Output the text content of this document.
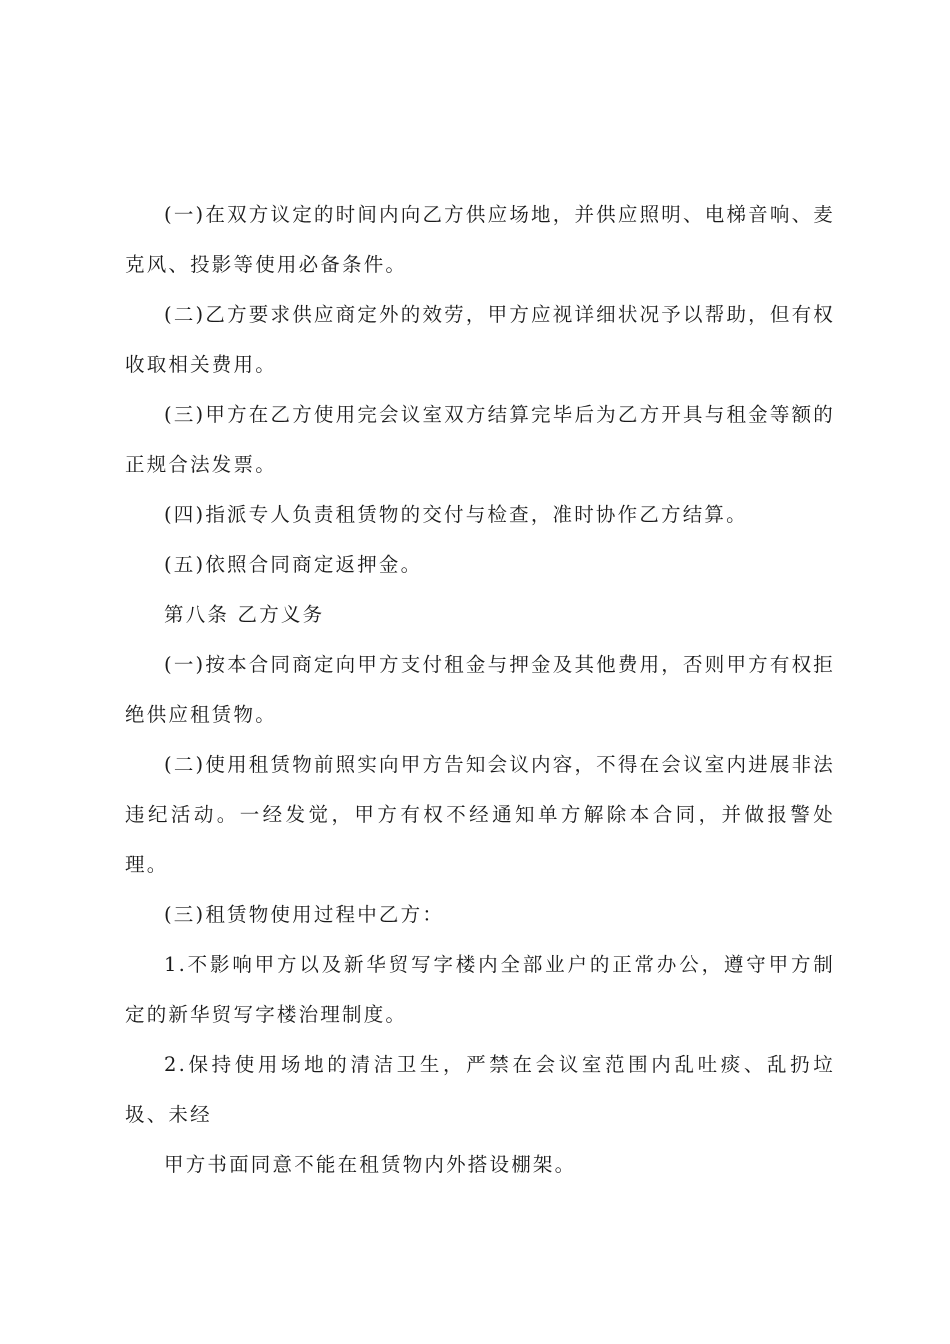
(一)在双方议定的时间内向乙方供应场地，并供应照明、电梯音响、麦克风、投影等使用必备条件。

(二)乙方要求供应商定外的效劳，甲方应视详细状况予以帮助，但有权收取相关费用。

(三)甲方在乙方使用完会议室双方结算完毕后为乙方开具与租金等额的正规合法发票。

(四)指派专人负责租赁物的交付与检查，准时协作乙方结算。

(五)依照合同商定返押金。

第八条 乙方义务

(一)按本合同商定向甲方支付租金与押金及其他费用，否则甲方有权拒绝供应租赁物。

(二)使用租赁物前照实向甲方告知会议内容，不得在会议室内进展非法违纪活动。一经发觉，甲方有权不经通知单方解除本合同，并做报警处理。

(三)租赁物使用过程中乙方：

1.不影响甲方以及新华贸写字楼内全部业户的正常办公，遵守甲方制定的新华贸写字楼治理制度。

2.保持使用场地的清洁卫生，严禁在会议室范围内乱吐痰、乱扔垃圾、未经

甲方书面同意不能在租赁物内外搭设棚架。
